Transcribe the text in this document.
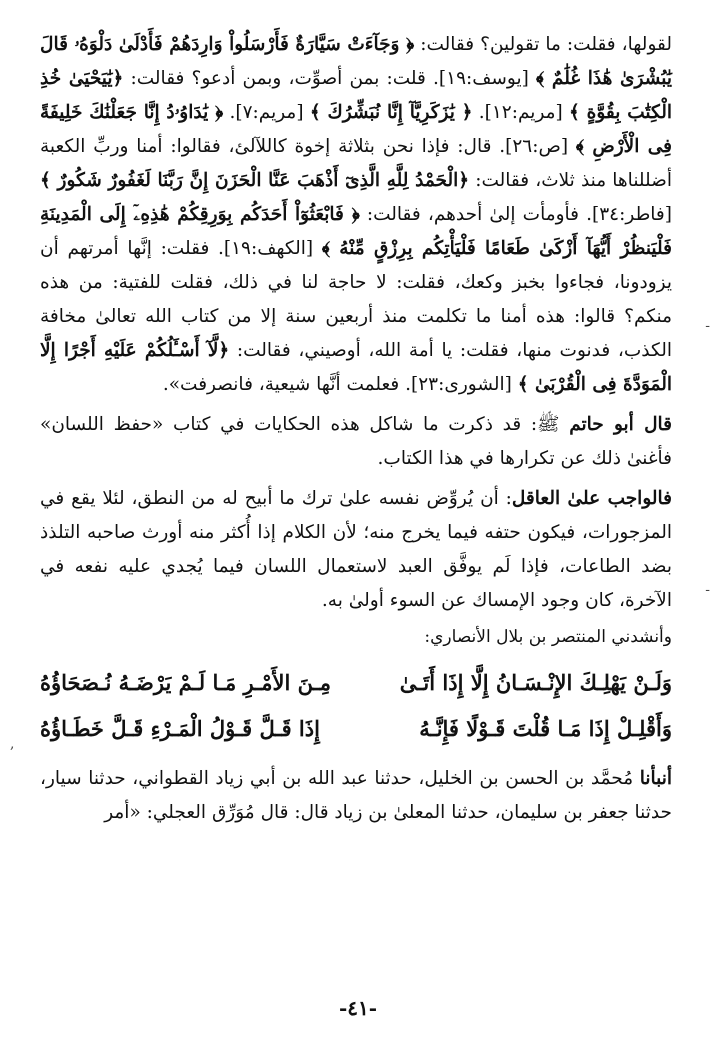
-
-
,

لقولها، فقلت: ما تقولين؟ فقالت: ﴿ وَجَآءَتْ سَيَّارَةٌ فَأَرْسَلُواْ وَارِدَهُمْ فَأَدْلَىٰ دَلْوَهُۥ قَالَ يَٰبُشْرَىٰ هَٰذَا غُلَٰمٌ ﴾ [يوسف:١٩]. قلت: بمن أصوِّت، وبمن أدعو؟ فقالت: ﴿يَٰيَحْيَىٰ خُذِ الْكِتَٰبَ بِقُوَّةٍ ﴾ [مريم:١٢]. ﴿ يَٰزَكَرِيَّآ إِنَّا نُبَشِّرُكَ ﴾ [مريم:٧]. ﴿ يَٰدَاوُۥدُ إِنَّا جَعَلْنَٰكَ خَلِيفَةً فِى الْأَرْضِ ﴾ [ص:٢٦]. قال: فإذا نحن بثلاثة إخوة كاللآلئ، فقالوا: أمنا وربِّ الكعبة أضللناها منذ ثلاث، فقالت: ﴿الْحَمْدُ لِلَّهِ الَّذِىٓ أَذْهَبَ عَنَّا الْحَزَنَ إِنَّ رَبَّنَا لَغَفُورٌ شَكُورٌ ﴾ [فاطر:٣٤]. فأومأت إلىٰ أحدهم، فقالت: ﴿ فَابْعَثُوٓاْ أَحَدَكُم بِوَرِقِكُمْ هَٰذِهِۦٓ إِلَى الْمَدِينَةِ فَلْيَنظُرْ أَيُّهَآ أَزْكَىٰ طَعَامًا فَلْيَأْتِكُم بِرِزْقٍ مِّنْهُ ﴾ [الكهف:١٩]. فقلت: إنَّها أمرتهم أن يزودونا، فجاءوا بخبز وكعك، فقلت: لا حاجة لنا في ذلك، فقلت للفتية: من هذه منكم؟ قالوا: هذه أمنا ما تكلمت منذ أربعين سنة إلا من كتاب الله تعالىٰ مخافة الكذب، فدنوت منها، فقلت: يا أمة الله، أوصيني، فقالت: ﴿لَّآ أَسْـَٔلُكُمْ عَلَيْهِ أَجْرًا إِلَّا الْمَوَدَّةَ فِى الْقُرْبَىٰ ﴾ [الشورى:٢٣]. فعلمت أنَّها شيعية، فانصرفت».

قال أبو حاتم ﷺ: قد ذكرت ما شاكل هذه الحكايات في كتاب «حفظ اللسان» فأغنىٰ ذلك عن تكرارها في هذا الكتاب.

فالواجب علىٰ العاقل: أن يُروِّض نفسه علىٰ ترك ما أبيح له من النطق، لئلا يقع في المزجورات، فيكون حتفه فيما يخرج منه؛ لأن الكلام إذا أُكثر منه أورث صاحبه التلذذ بضد الطاعات، فإذا لَم يوفَّق العبد لاستعمال اللسان فيما يُجدي عليه نفعه في الآخرة، كان وجود الإمساك عن السوء أولىٰ به.

وأنشدني المنتصر بن بلال الأنصاري:

وَلَـنْ يَهْلِـكَ الإِنْـسَـانُ إِلَّا إِذَا أَتَـىٰ
مِـنَ الأَمْـرِ مَـا لَـمْ يَرْضَـهُ نُـصَحَاؤُهُ
وَأَقْلِـلْ إِذَا مَـا قُلْتَ قَـوْلًا فَإِنَّـهُ
إِذَا قَـلَّ قَـوْلُ الْمَـرْءِ قَـلَّ خَطَـاؤُهُ

أنبأنا مُحمَّد بن الحسن بن الخليل، حدثنا عبد الله بن أبي زياد القطواني، حدثنا سيار، حدثنا جعفر بن سليمان، حدثنا المعلىٰ بن زياد قال: قال مُوَرِّق العجلي: «أمر

-٤١-
